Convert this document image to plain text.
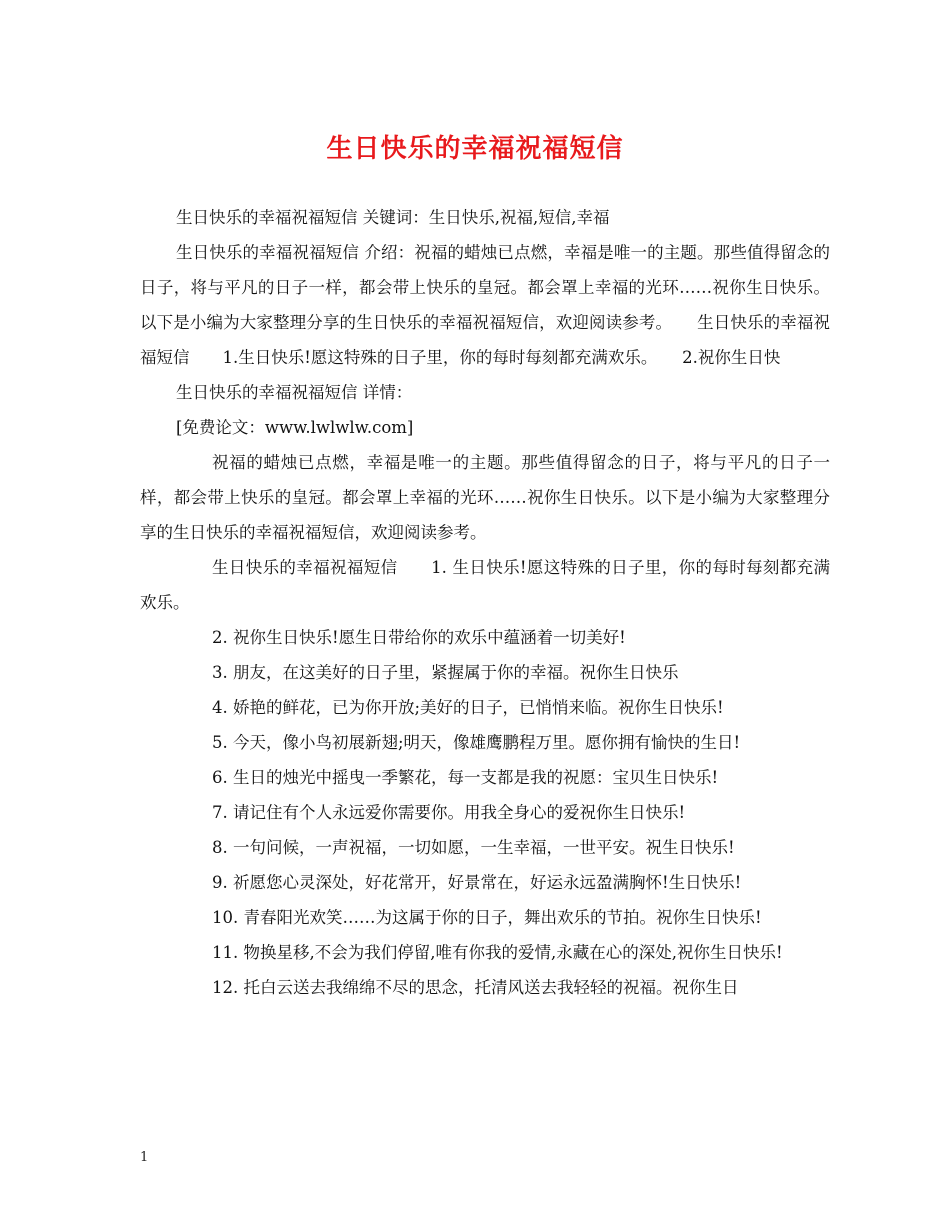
生日快乐的幸福祝福短信

生日快乐的幸福祝福短信 关键词：生日快乐,祝福,短信,幸福

生日快乐的幸福祝福短信 介绍：祝福的蜡烛已点燃，幸福是唯一的主题。那些值得留念的日子，将与平凡的日子一样，都会带上快乐的皇冠。都会罩上幸福的光环……祝你生日快乐。以下是小编为大家整理分享的生日快乐的幸福祝福短信，欢迎阅读参考。　　生日快乐的幸福祝福短信　　1.生日快乐!愿这特殊的日子里，你的每时每刻都充满欢乐。　　2.祝你生日快

生日快乐的幸福祝福短信 详情：

[免费论文：www.lwlwlw.com]

祝福的蜡烛已点燃，幸福是唯一的主题。那些值得留念的日子，将与平凡的日子一样，都会带上快乐的皇冠。都会罩上幸福的光环……祝你生日快乐。以下是小编为大家整理分享的生日快乐的幸福祝福短信，欢迎阅读参考。

生日快乐的幸福祝福短信　　1. 生日快乐!愿这特殊的日子里，你的每时每刻都充满欢乐。

2. 祝你生日快乐!愿生日带给你的欢乐中蕴涵着一切美好!

3. 朋友，在这美好的日子里，紧握属于你的幸福。祝你生日快乐

4. 娇艳的鲜花，已为你开放;美好的日子，已悄悄来临。祝你生日快乐!

5. 今天，像小鸟初展新翅;明天，像雄鹰鹏程万里。愿你拥有愉快的生日!

6. 生日的烛光中摇曳一季繁花，每一支都是我的祝愿：宝贝生日快乐!

7. 请记住有个人永远爱你需要你。用我全身心的爱祝你生日快乐!

8. 一句问候，一声祝福，一切如愿，一生幸福，一世平安。祝生日快乐!

9. 祈愿您心灵深处，好花常开，好景常在，好运永远盈满胸怀!生日快乐!

10. 青春阳光欢笑……为这属于你的日子，舞出欢乐的节拍。祝你生日快乐!

11. 物换星移,不会为我们停留,唯有你我的爱情,永藏在心的深处,祝你生日快乐!

12. 托白云送去我绵绵不尽的思念，托清风送去我轻轻的祝福。祝你生日

1
